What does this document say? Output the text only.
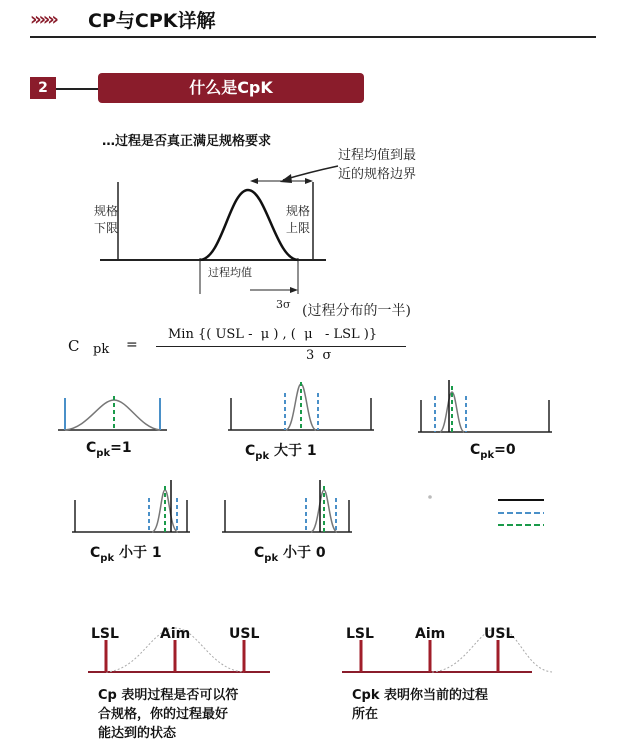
»»» CP与CPK详解
2	什么是CpK
…过程是否真正满足规格要求
过程均值到最
近的规格边界
规格
下限
规格
上限
过程均值
3σ (过程分布的一半)
C pk =
Min {( USL -  μ ) , (  μ   - LSL )}
3  σ
$C_{pk}=1$	$C_{pk}$ 大于 1	$C_{pk}=0$
$C_{pk}$ 小于 1	$C_{pk}$ 小于 0
LSL	Aim	USL
Cp 表明过程是否可以符
合规格，你的过程最好
能达到的状态
LSL	Aim	USL
Cpk 表明你当前的过程
所在
